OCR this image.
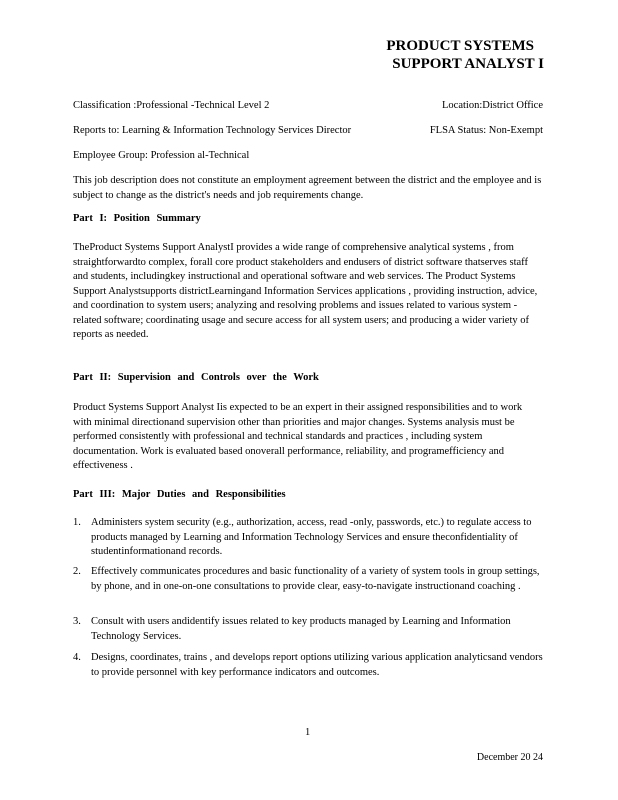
PRODUCT SYSTEMS
SUPPORT ANALYST I
Classification :Professional -Technical Level 2	Location:District Office
Reports to: Learning & Information Technology Services Director	FLSA Status: Non-Exempt
Employee Group: Profession al-Technical
This job description does not constitute an employment agreement between the district and the employee and is subject to change as the district's needs and job requirements change.
Part I: Position Summary
TheProduct Systems Support AnalystI provides a wide range of comprehensive analytical systems , from straightforwardto complex, forall core product stakeholders and endusers of district software thatserves staff and students, includingkey instructional and operational software and web services. The Product Systems Support Analystsupports districtLearningand Information Services applications , providing instruction, advice, and coordination to system users; analyzing and resolving problems and issues related to various system -related software; coordinating usage and secure access for all system users; and producing a wider variety of reports as needed.
Part II: Supervision and Controls over the Work
Product Systems Support Analyst Iis expected to be an expert in their assigned responsibilities and to work with minimal directionand supervision other than priorities and major changes. Systems analysis must be performed consistently with professional and technical standards and practices , including system documentation. Work is evaluated based onoverall performance, reliability, and programefficiency and effectiveness .
Part III: Major Duties and Responsibilities
1. Administers system security (e.g., authorization, access, read -only, passwords, etc.) to regulate access to products managed by Learning and Information Technology Services and ensure theconfidentiality of studentinformationand records.
2. Effectively communicates procedures and basic functionality of a variety of system tools in group settings, by phone, and in one-on-one consultations to provide clear, easy-to-navigate instructionand coaching .
3. Consult with users andidentify issues related to key products managed by Learning and Information Technology Services.
4. Designs, coordinates, trains , and develops report options utilizing various application analyticsand vendors to provide personnel with key performance indicators and outcomes.
1
December 20 24
